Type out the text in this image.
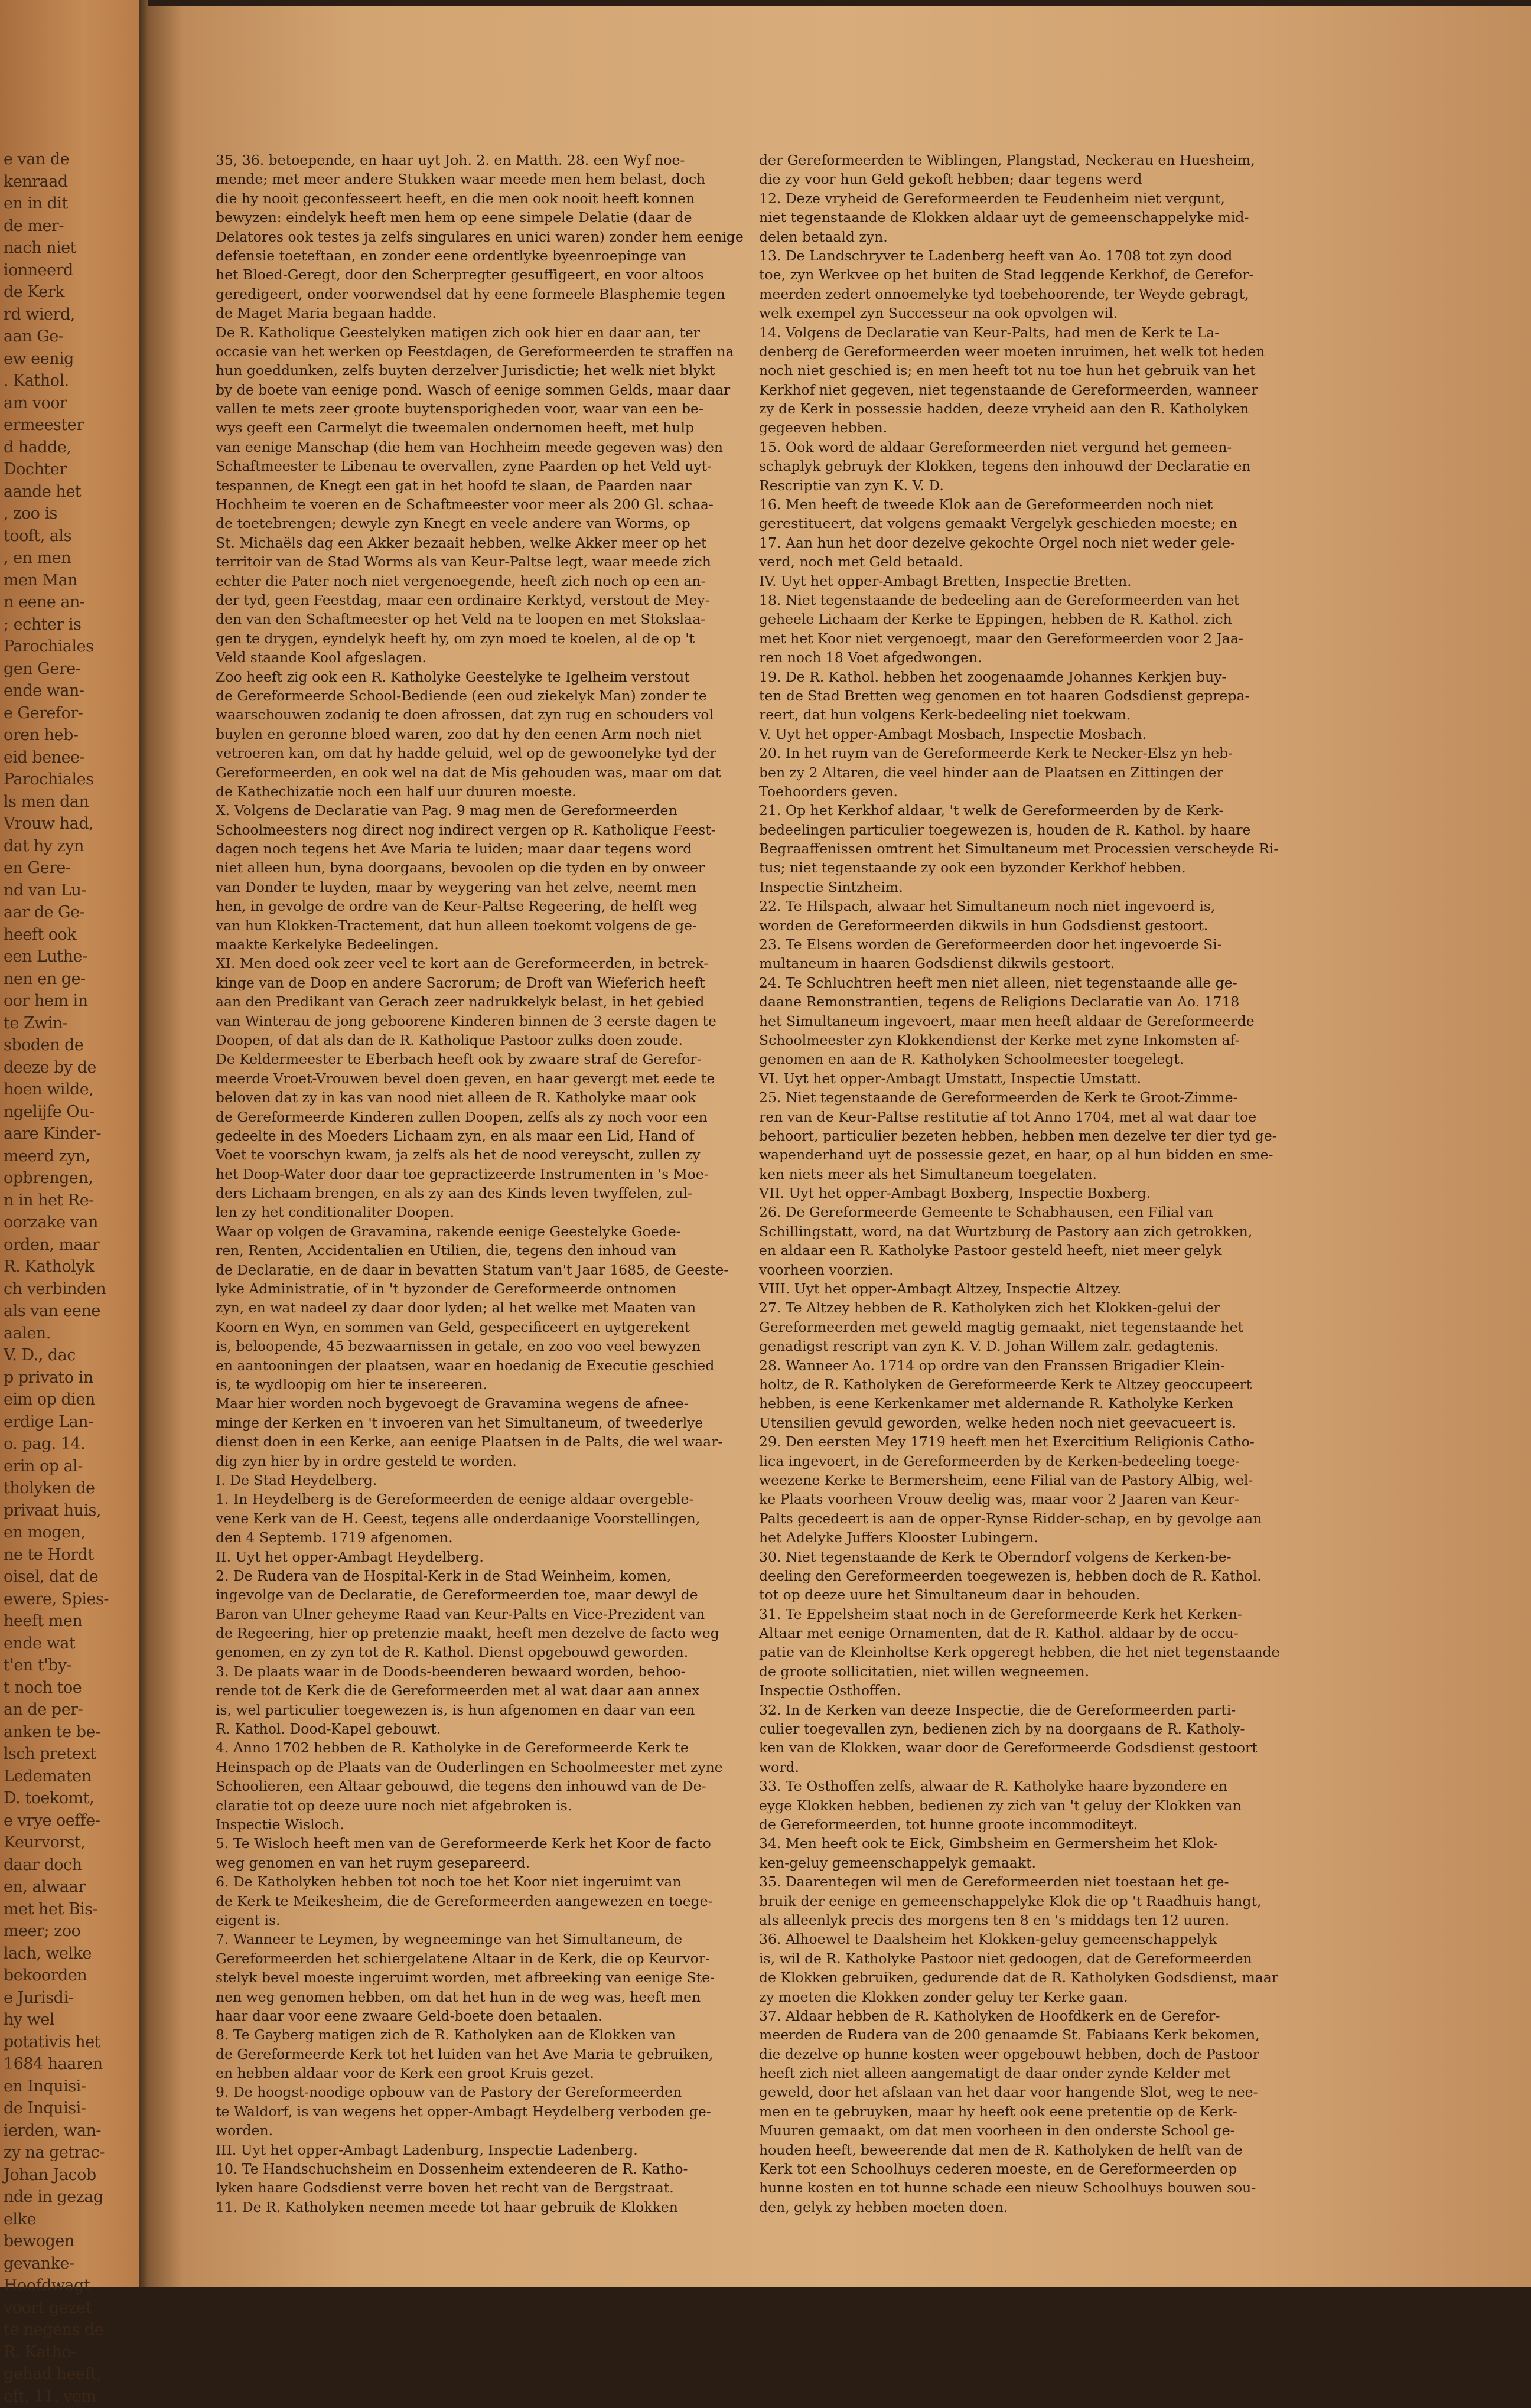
e van de
kenraad
en in dit
de mer-
nach niet
ionneerd
de Kerk
rd wierd,
aan Ge-
ew eenig
. Kathol.
am voor
ermeester
d hadde,
Dochter
aande het
, zoo is
tooft, als
, en men
men Man
n eene an-
; echter is
Parochiales
gen Gere-
ende wan-
e Gerefor-
oren heb-
eid benee-
Parochiales
ls men dan
Vrouw had,
dat hy zyn
en Gere-
nd van Lu-
aar de Ge-
heeft ook
een Luthe-
nen en ge-
oor hem in
te Zwin-
sboden de
deeze by de
hoen wilde,
ngelijfe Ou-
aare Kinder-
meerd zyn,
opbrengen,
n in het Re-
oorzake van
orden, maar
R. Katholyk
ch verbinden
als van eene
aalen.
V. D., dac
p privato in
eim op dien
erdige Lan-
o. pag. 14.
erin op al-
tholyken de
privaat huis,
en mogen,
ne te Hordt
oisel, dat de
ewere, Spies-
heeft men
ende wat
t'en t'by-
t noch toe
an de per-
anken te be-
lsch pretext
Ledematen
D. toekomt,
e vrye oeffe-
Keurvorst,
daar doch
en, alwaar
met het Bis-
meer; zoo
lach, welke
bekoorden
e Jurisdi-
hy wel
potativis het
1684 haaren
en Inquisi-
de Inquisi-
ierden, wan-
zy na getrac-
Johan Jacob
nde in gezag
elke
bewogen
gevanke-
Hoofdwagt
voort gezet
te negens de
R. Katho-
gehad heeft,
eft, 11. vem
35, 36. betoepende, en haar uyt Joh. 2. en Matth. 28. een Wyf noe-
mende; met meer andere Stukken waar meede men hem belast, doch
die hy nooit geconfesseert heeft, en die men ook nooit heeft konnen
bewyzen: eindelyk heeft men hem op eene simpele Delatie (daar de
Delatores ook testes ja zelfs singulares en unici waren) zonder hem eenige
defensie toeteftaan, en zonder eene ordentlyke byeenroepinge van
het Bloed-Geregt, door den Scherpregter gesuffigeert, en voor altoos
geredigeert, onder voorwendsel dat hy eene formeele Blasphemie tegen
de Maget Maria begaan hadde.
De R. Katholique Geestelyken matigen zich ook hier en daar aan, ter
occasie van het werken op Feestdagen, de Gereformeerden te straffen na
hun goeddunken, zelfs buyten derzelver Jurisdictie; het welk niet blykt
by de boete van eenige pond. Wasch of eenige sommen Gelds, maar daar
vallen te mets zeer groote buytensporigheden voor, waar van een be-
wys geeft een Carmelyt die tweemalen ondernomen heeft, met hulp
van eenige Manschap (die hem van Hochheim meede gegeven was) den
Schaftmeester te Libenau te overvallen, zyne Paarden op het Veld uyt-
tespannen, de Knegt een gat in het hoofd te slaan, de Paarden naar
Hochheim te voeren en de Schaftmeester voor meer als 200 Gl. schaa-
de toetebrengen; dewyle zyn Knegt en veele andere van Worms, op
St. Michaëls dag een Akker bezaait hebben, welke Akker meer op het
territoir van de Stad Worms als van Keur-Paltse legt, waar meede zich
echter die Pater noch niet vergenoegende, heeft zich noch op een an-
der tyd, geen Feestdag, maar een ordinaire Kerktyd, verstout de Mey-
den van den Schaftmeester op het Veld na te loopen en met Stokslaa-
gen te drygen, eyndelyk heeft hy, om zyn moed te koelen, al de op 't
Veld staande Kool afgeslagen.
Zoo heeft zig ook een R. Katholyke Geestelyke te Igelheim verstout
de Gereformeerde School-Bediende (een oud ziekelyk Man) zonder te
waarschouwen zodanig te doen afrossen, dat zyn rug en schouders vol
buylen en geronne bloed waren, zoo dat hy den eenen Arm noch niet
vetroeren kan, om dat hy hadde geluid, wel op de gewoonelyke tyd der
Gereformeerden, en ook wel na dat de Mis gehouden was, maar om dat
de Kathechizatie noch een half uur duuren moeste.
X. Volgens de Declaratie van Pag. 9 mag men de Gereformeerden
Schoolmeesters nog direct nog indirect vergen op R. Katholique Feest-
dagen noch tegens het Ave Maria te luiden; maar daar tegens word
niet alleen hun, byna doorgaans, bevoolen op die tyden en by onweer
van Donder te luyden, maar by weygering van het zelve, neemt men
hen, in gevolge de ordre van de Keur-Paltse Regeering, de helft weg
van hun Klokken-Tractement, dat hun alleen toekomt volgens de ge-
maakte Kerkelyke Bedeelingen.
XI. Men doed ook zeer veel te kort aan de Gereformeerden, in betrek-
kinge van de Doop en andere Sacrorum; de Droft van Wieferich heeft
aan den Predikant van Gerach zeer nadrukkelyk belast, in het gebied
van Winterau de jong geboorene Kinderen binnen de 3 eerste dagen te
Doopen, of dat als dan de R. Katholique Pastoor zulks doen zoude.
De Keldermeester te Eberbach heeft ook by zwaare straf de Gerefor-
meerde Vroet-Vrouwen bevel doen geven, en haar gevergt met eede te
beloven dat zy in kas van nood niet alleen de R. Katholyke maar ook
de Gereformeerde Kinderen zullen Doopen, zelfs als zy noch voor een
gedeelte in des Moeders Lichaam zyn, en als maar een Lid, Hand of
Voet te voorschyn kwam, ja zelfs als het de nood vereyscht, zullen zy
het Doop-Water door daar toe gepractizeerde Instrumenten in 's Moe-
ders Lichaam brengen, en als zy aan des Kinds leven twyffelen, zul-
len zy het conditionaliter Doopen.
Waar op volgen de Gravamina, rakende eenige Geestelyke Goede-
ren, Renten, Accidentalien en Utilien, die, tegens den inhoud van
de Declaratie, en de daar in bevatten Statum van't Jaar 1685, de Geeste-
lyke Administratie, of in 't byzonder de Gereformeerde ontnomen
zyn, en wat nadeel zy daar door lyden; al het welke met Maaten van
Koorn en Wyn, en sommen van Geld, gespecificeert en uytgerekent
is, beloopende, 45 bezwaarnissen in getale, en zoo voo veel bewyzen
en aantooningen der plaatsen, waar en hoedanig de Executie geschied
is, te wydloopig om hier te insereeren.
Maar hier worden noch bygevoegt de Gravamina wegens de afnee-
minge der Kerken en 't invoeren van het Simultaneum, of tweederlye
dienst doen in een Kerke, aan eenige Plaatsen in de Palts, die wel waar-
dig zyn hier by in ordre gesteld te worden.
I. De Stad Heydelberg.
1. In Heydelberg is de Gereformeerden de eenige aldaar overgeble-
vene Kerk van de H. Geest, tegens alle onderdaanige Voorstellingen,
den 4 Septemb. 1719 afgenomen.
II. Uyt het opper-Ambagt Heydelberg.
2. De Rudera van de Hospital-Kerk in de Stad Weinheim, komen,
ingevolge van de Declaratie, de Gereformeerden toe, maar dewyl de
Baron van Ulner geheyme Raad van Keur-Palts en Vice-Prezident van
de Regeering, hier op pretenzie maakt, heeft men dezelve de facto weg
genomen, en zy zyn tot de R. Kathol. Dienst opgebouwd geworden.
3. De plaats waar in de Doods-beenderen bewaard worden, behoo-
rende tot de Kerk die de Gereformeerden met al wat daar aan annex
is, wel particulier toegewezen is, is hun afgenomen en daar van een
R. Kathol. Dood-Kapel gebouwt.
4. Anno 1702 hebben de R. Katholyke in de Gereformeerde Kerk te
Heinspach op de Plaats van de Ouderlingen en Schoolmeester met zyne
Schoolieren, een Altaar gebouwd, die tegens den inhouwd van de De-
claratie tot op deeze uure noch niet afgebroken is.
Inspectie Wisloch.
5. Te Wisloch heeft men van de Gereformeerde Kerk het Koor de facto
weg genomen en van het ruym gesepareerd.
6. De Katholyken hebben tot noch toe het Koor niet ingeruimt van
de Kerk te Meikesheim, die de Gereformeerden aangewezen en toege-
eigent is.
7. Wanneer te Leymen, by wegneeminge van het Simultaneum, de
Gereformeerden het schiergelatene Altaar in de Kerk, die op Keurvor-
stelyk bevel moeste ingeruimt worden, met afbreeking van eenige Ste-
nen weg genomen hebben, om dat het hun in de weg was, heeft men
haar daar voor eene zwaare Geld-boete doen betaalen.
8. Te Gayberg matigen zich de R. Katholyken aan de Klokken van
de Gereformeerde Kerk tot het luiden van het Ave Maria te gebruiken,
en hebben aldaar voor de Kerk een groot Kruis gezet.
9. De hoogst-noodige opbouw van de Pastory der Gereformeerden
te Waldorf, is van wegens het opper-Ambagt Heydelberg verboden ge-
worden.
III. Uyt het opper-Ambagt Ladenburg, Inspectie Ladenberg.
10. Te Handschuchsheim en Dossenheim extendeeren de R. Katho-
lyken haare Godsdienst verre boven het recht van de Bergstraat.
11. De R. Katholyken neemen meede tot haar gebruik de Klokken
der Gereformeerden te Wiblingen, Plangstad, Neckerau en Huesheim,
die zy voor hun Geld gekoft hebben; daar tegens werd
12. Deze vryheid de Gereformeerden te Feudenheim niet vergunt,
niet tegenstaande de Klokken aldaar uyt de gemeenschappelyke mid-
delen betaald zyn.
13. De Landschryver te Ladenberg heeft van Ao. 1708 tot zyn dood
toe, zyn Werkvee op het buiten de Stad leggende Kerkhof, de Gerefor-
meerden zedert onnoemelyke tyd toebehoorende, ter Weyde gebragt,
welk exempel zyn Successeur na ook opvolgen wil.
14. Volgens de Declaratie van Keur-Palts, had men de Kerk te La-
denberg de Gereformeerden weer moeten inruimen, het welk tot heden
noch niet geschied is; en men heeft tot nu toe hun het gebruik van het
Kerkhof niet gegeven, niet tegenstaande de Gereformeerden, wanneer
zy de Kerk in possessie hadden, deeze vryheid aan den R. Katholyken
gegeeven hebben.
15. Ook word de aldaar Gereformeerden niet vergund het gemeen-
schaplyk gebruyk der Klokken, tegens den inhouwd der Declaratie en
Rescriptie van zyn K. V. D.
16. Men heeft de tweede Klok aan de Gereformeerden noch niet
gerestitueert, dat volgens gemaakt Vergelyk geschieden moeste; en
17. Aan hun het door dezelve gekochte Orgel noch niet weder gele-
verd, noch met Geld betaald.
IV. Uyt het opper-Ambagt Bretten, Inspectie Bretten.
18. Niet tegenstaande de bedeeling aan de Gereformeerden van het
geheele Lichaam der Kerke te Eppingen, hebben de R. Kathol. zich
met het Koor niet vergenoegt, maar den Gereformeerden voor 2 Jaa-
ren noch 18 Voet afgedwongen.
19. De R. Kathol. hebben het zoogenaamde Johannes Kerkjen buy-
ten de Stad Bretten weg genomen en tot haaren Godsdienst geprepa-
reert, dat hun volgens Kerk-bedeeling niet toekwam.
V. Uyt het opper-Ambagt Mosbach, Inspectie Mosbach.
20. In het ruym van de Gereformeerde Kerk te Necker-Elsz yn heb-
ben zy 2 Altaren, die veel hinder aan de Plaatsen en Zittingen der
Toehoorders geven.
21. Op het Kerkhof aldaar, 't welk de Gereformeerden by de Kerk-
bedeelingen particulier toegewezen is, houden de R. Kathol. by haare
Begraaffenissen omtrent het Simultaneum met Processien verscheyde Ri-
tus; niet tegenstaande zy ook een byzonder Kerkhof hebben.
Inspectie Sintzheim.
22. Te Hilspach, alwaar het Simultaneum noch niet ingevoerd is,
worden de Gereformeerden dikwils in hun Godsdienst gestoort.
23. Te Elsens worden de Gereformeerden door het ingevoerde Si-
multaneum in haaren Godsdienst dikwils gestoort.
24. Te Schluchtren heeft men niet alleen, niet tegenstaande alle ge-
daane Remonstrantien, tegens de Religions Declaratie van Ao. 1718
het Simultaneum ingevoert, maar men heeft aldaar de Gereformeerde
Schoolmeester zyn Klokkendienst der Kerke met zyne Inkomsten af-
genomen en aan de R. Katholyken Schoolmeester toegelegt.
VI. Uyt het opper-Ambagt Umstatt, Inspectie Umstatt.
25. Niet tegenstaande de Gereformeerden de Kerk te Groot-Zimme-
ren van de Keur-Paltse restitutie af tot Anno 1704, met al wat daar toe
behoort, particulier bezeten hebben, hebben men dezelve ter dier tyd ge-
wapenderhand uyt de possessie gezet, en haar, op al hun bidden en sme-
ken niets meer als het Simultaneum toegelaten.
VII. Uyt het opper-Ambagt Boxberg, Inspectie Boxberg.
26. De Gereformeerde Gemeente te Schabhausen, een Filial van
Schillingstatt, word, na dat Wurtzburg de Pastory aan zich getrokken,
en aldaar een R. Katholyke Pastoor gesteld heeft, niet meer gelyk
voorheen voorzien.
VIII. Uyt het opper-Ambagt Altzey, Inspectie Altzey.
27. Te Altzey hebben de R. Katholyken zich het Klokken-gelui der
Gereformeerden met geweld magtig gemaakt, niet tegenstaande het
genadigst rescript van zyn K. V. D. Johan Willem zalr. gedagtenis.
28. Wanneer Ao. 1714 op ordre van den Franssen Brigadier Klein-
holtz, de R. Katholyken de Gereformeerde Kerk te Altzey geoccupeert
hebben, is eene Kerkenkamer met aldernande R. Katholyke Kerken
Utensilien gevuld geworden, welke heden noch niet geevacueert is.
29. Den eersten Mey 1719 heeft men het Exercitium Religionis Catho-
lica ingevoert, in de Gereformeerden by de Kerken-bedeeling toege-
weezene Kerke te Bermersheim, eene Filial van de Pastory Albig, wel-
ke Plaats voorheen Vrouw deelig was, maar voor 2 Jaaren van Keur-
Palts gecedeert is aan de opper-Rynse Ridder-schap, en by gevolge aan
het Adelyke Juffers Klooster Lubingern.
30. Niet tegenstaande de Kerk te Oberndorf volgens de Kerken-be-
deeling den Gereformeerden toegewezen is, hebben doch de R. Kathol.
tot op deeze uure het Simultaneum daar in behouden.
31. Te Eppelsheim staat noch in de Gereformeerde Kerk het Kerken-
Altaar met eenige Ornamenten, dat de R. Kathol. aldaar by de occu-
patie van de Kleinholtse Kerk opgeregt hebben, die het niet tegenstaande
de groote sollicitatien, niet willen wegneemen.
Inspectie Osthoffen.
32. In de Kerken van deeze Inspectie, die de Gereformeerden parti-
culier toegevallen zyn, bedienen zich by na doorgaans de R. Katholy-
ken van de Klokken, waar door de Gereformeerde Godsdienst gestoort
word.
33. Te Osthoffen zelfs, alwaar de R. Katholyke haare byzondere en
eyge Klokken hebben, bedienen zy zich van 't geluy der Klokken van
de Gereformeerden, tot hunne groote incommoditeyt.
34. Men heeft ook te Eick, Gimbsheim en Germersheim het Klok-
ken-geluy gemeenschappelyk gemaakt.
35. Daarentegen wil men de Gereformeerden niet toestaan het ge-
bruik der eenige en gemeenschappelyke Klok die op 't Raadhuis hangt,
als alleenlyk precis des morgens ten 8 en 's middags ten 12 uuren.
36. Alhoewel te Daalsheim het Klokken-geluy gemeenschappelyk
is, wil de R. Katholyke Pastoor niet gedoogen, dat de Gereformeerden
de Klokken gebruiken, gedurende dat de R. Katholyken Godsdienst, maar
zy moeten die Klokken zonder geluy ter Kerke gaan.
37. Aldaar hebben de R. Katholyken de Hoofdkerk en de Gerefor-
meerden de Rudera van de 200 genaamde St. Fabiaans Kerk bekomen,
die dezelve op hunne kosten weer opgebouwt hebben, doch de Pastoor
heeft zich niet alleen aangematigt de daar onder zynde Kelder met
geweld, door het afslaan van het daar voor hangende Slot, weg te nee-
men en te gebruyken, maar hy heeft ook eene pretentie op de Kerk-
Muuren gemaakt, om dat men voorheen in den onderste School ge-
houden heeft, beweerende dat men de R. Katholyken de helft van de
Kerk tot een Schoolhuys cederen moeste, en de Gereformeerden op
hunne kosten en tot hunne schade een nieuw Schoolhuys bouwen sou-
den, gelyk zy hebben moeten doen.
